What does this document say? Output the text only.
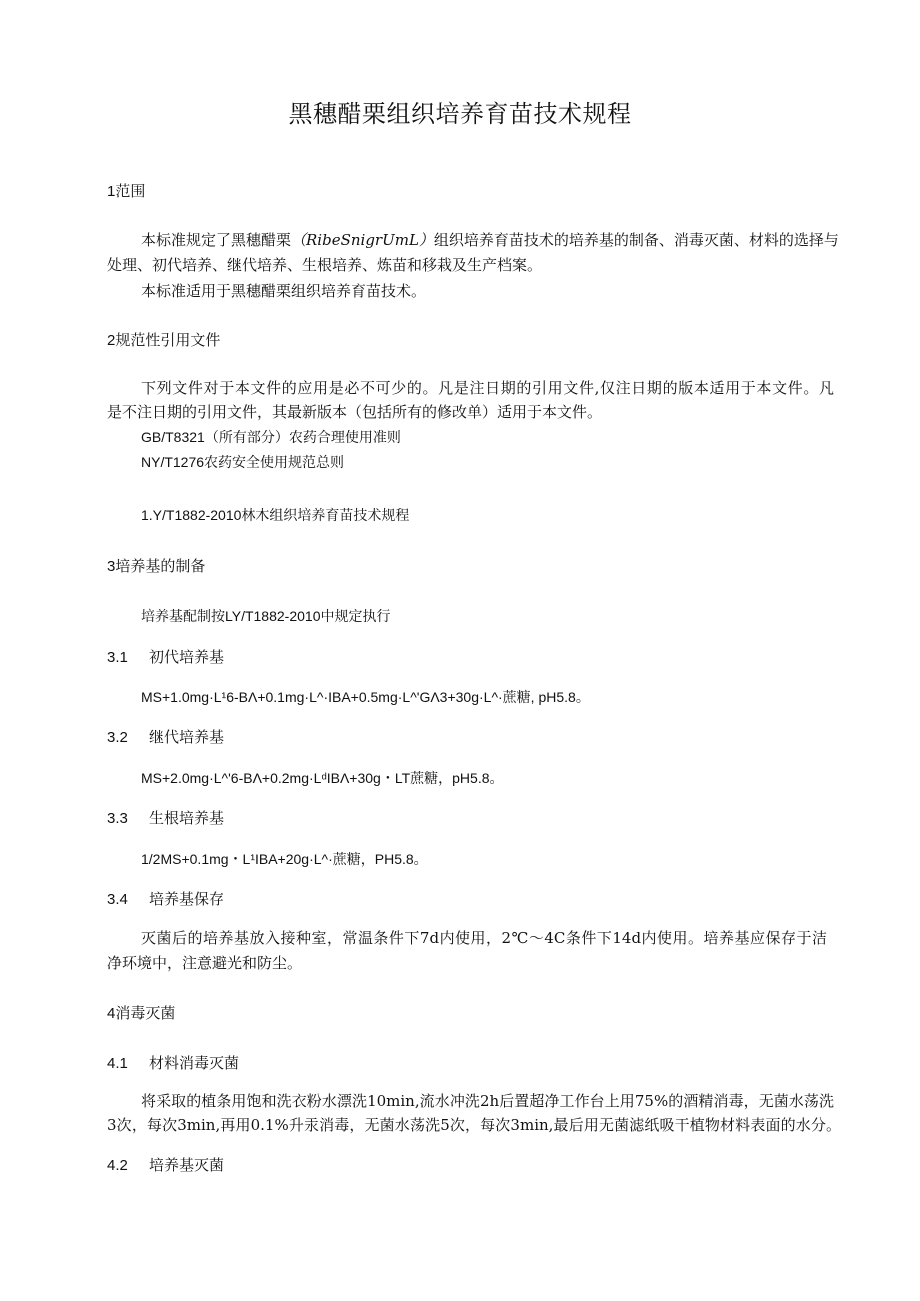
黑穗醋栗组织培养育苗技术规程
1范围
本标准规定了黑穗醋栗（RibeSnigrUmL）组织培养育苗技术的培养基的制备、消毒灭菌、材料的选择与
处理、初代培养、继代培养、生根培养、炼苗和移栽及生产档案。
本标准适用于黑穗醋栗组织培养育苗技术。
2规范性引用文件
下列文件对于本文件的应用是必不可少的。凡是注日期的引用文件,仅注日期的版本适用于本文件。凡
是不注日期的引用文件，其最新版本（包括所有的修改单）适用于本文件。
GB/T8321（所有部分）农药合理使用准则
NY/T1276农药安全使用规范总则
1.Y/T1882-2010林木组织培养育苗技术规程
3培养基的制备
培养基配制按LY/T1882-2010中规定执行
3.1 初代培养基
MS+1.0mg·L¹6-BΛ+0.1mg·L^·IBA+0.5mg·L^'GΛ3+30g·L^·蔗糖, pH5.8。
3.2 继代培养基
MS+2.0mg·L^'6-BΛ+0.2mg·LᵈIBΛ+30g・LT蔗糖，pH5.8。
3.3 生根培养基
1/2MS+0.1mg・L¹IBA+20g·L^·蔗糖，PH5.8。
3.4 培养基保存
灭菌后的培养基放入接种室，常温条件下7d内使用，2℃～4C条件下14d内使用。培养基应保存于洁
净环境中，注意避光和防尘。
4消毒灭菌
4.1 材料消毒灭菌
将采取的植条用饱和洗衣粉水漂洗10min,流水冲洗2h后置超净工作台上用75%的酒精消毒，无菌水荡洗
3次，每次3min,再用0.1%升汞消毒，无菌水荡洗5次，每次3min,最后用无菌滤纸吸干植物材料表面的水分。
4.2 培养基灭菌
